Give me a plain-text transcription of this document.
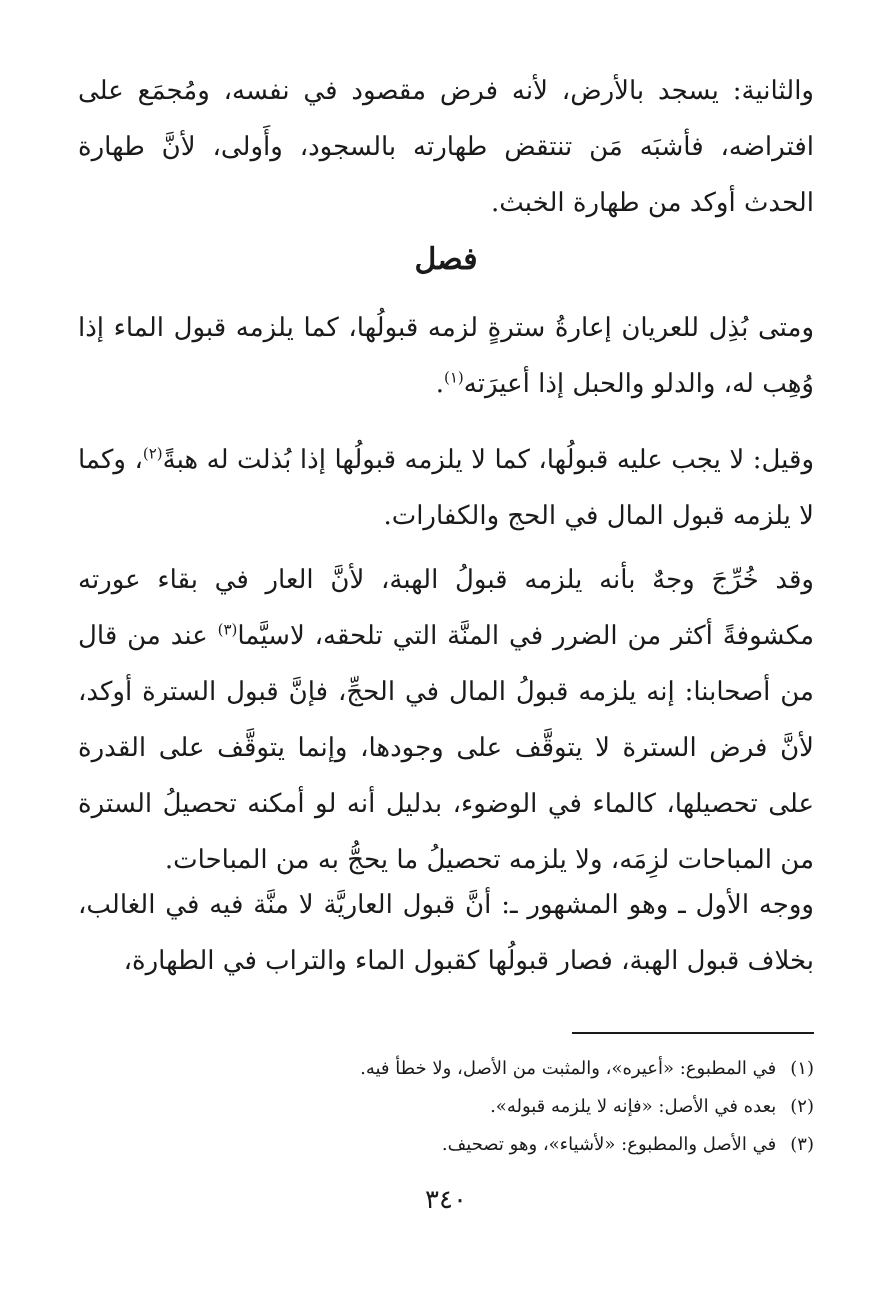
والثانية: يسجد بالأرض، لأنه فرض مقصود في نفسه، ومُجمَع على افتراضه، فأشبَه مَن تنتقض طهارته بالسجود، وأَولى، لأنَّ طهارة الحدث أوكد من طهارة الخبث.

فصل

ومتى بُذِل للعريان إعارةُ سترةٍ لزمه قبولُها، كما يلزمه قبول الماء إذا وُهِب له، والدلو والحبل إذا أعيرَته$^{(١)}$.

وقيل: لا يجب عليه قبولُها، كما لا يلزمه قبولُها إذا بُذلت له هبةً$^{(٢)}$، وكما لا يلزمه قبول المال في الحج والكفارات.

وقد خُرِّجَ وجهٌ بأنه يلزمه قبولُ الهبة، لأنَّ العار في بقاء عورته مكشوفةً أكثر من الضرر في المنَّة التي تلحقه، لاسيَّما$^{(٣)}$ عند من قال من أصحابنا: إنه يلزمه قبولُ المال في الحجِّ، فإنَّ قبول السترة أوكد، لأنَّ فرض السترة لا يتوقَّف على وجودها، وإنما يتوقَّف على القدرة على تحصيلها، كالماء في الوضوء، بدليل أنه لو أمكنه تحصيلُ السترة من المباحات لزِمَه، ولا يلزمه تحصيلُ ما يحجُّ به من المباحات.

ووجه الأول ـ وهو المشهور ـ: أنَّ قبول العاريَّة لا منَّة فيه في الغالب، بخلاف قبول الهبة، فصار قبولُها كقبول الماء والتراب في الطهارة،

(١)
في المطبوع: «أعيره»، والمثبت من الأصل، ولا خطأ فيه.
(٢)
بعده في الأصل: «فإنه لا يلزمه قبوله».
(٣)
في الأصل والمطبوع: «لأشياء»، وهو تصحيف.
٣٤٠
